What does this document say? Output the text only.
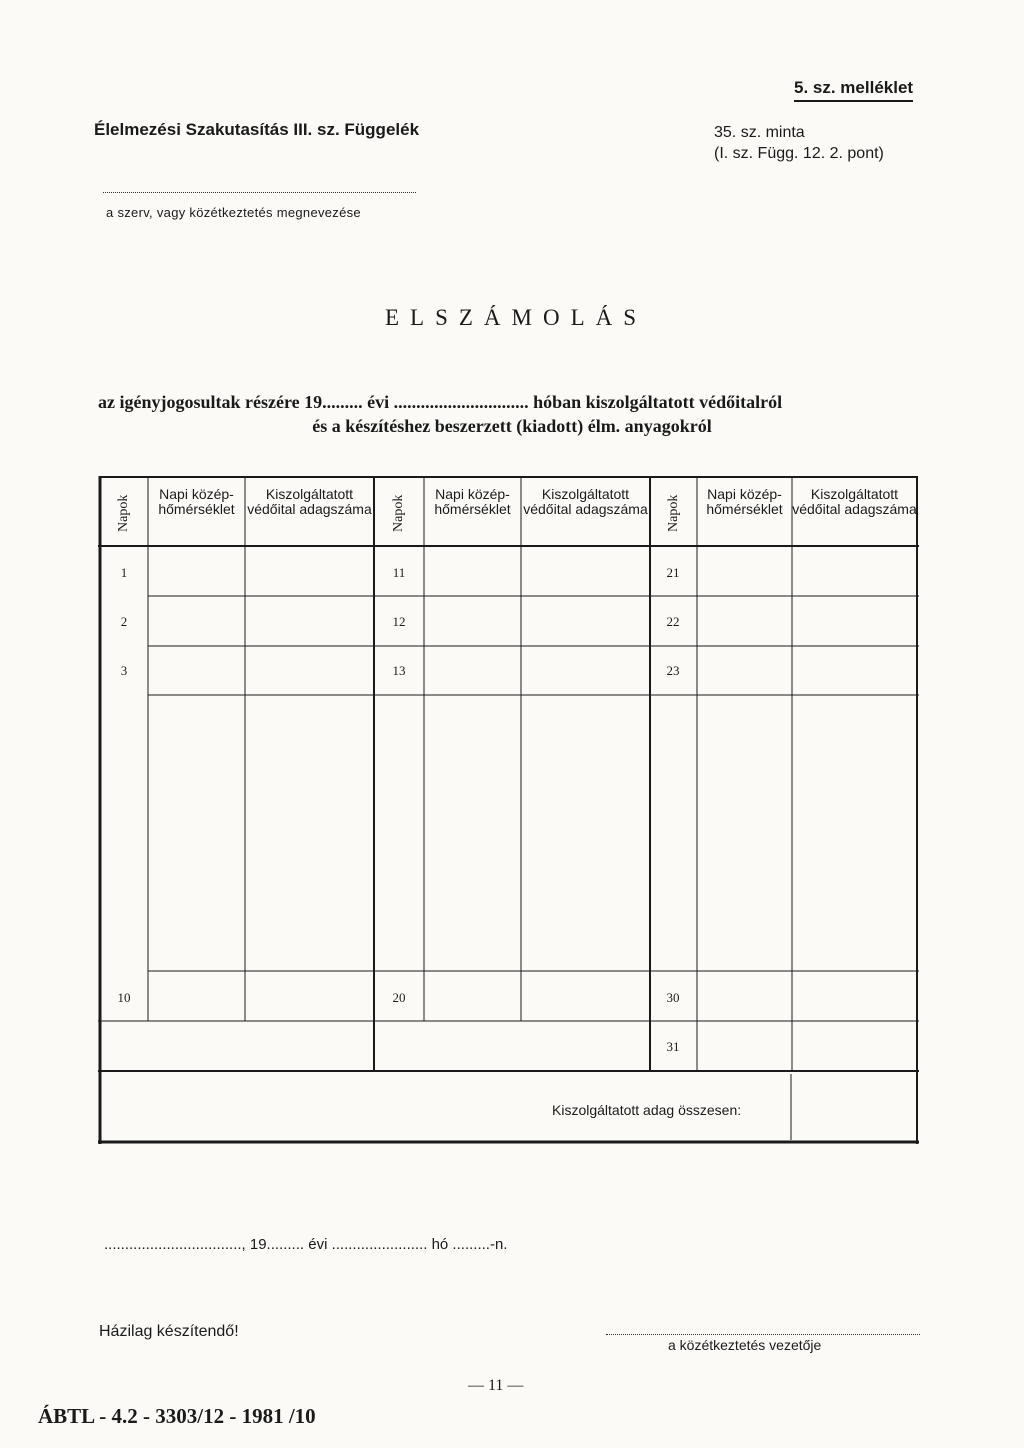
5. sz. melléklet
Élelmezési Szakutasítás III. sz. Függelék	35. sz. minta
(I. sz. Függ. 12. 2. pont)
a szerv, vagy közétkeztetés megnevezése
ELSZÁMOLÁS
az igényjogosultak részére 19......... évi .............................. hóban kiszolgáltatott védőitalról
és a készítéshez beszerzett (kiadott) élm. anyagokról
Napok
Napi közép- hőmérséklet
Kiszolgáltatott védőital adagszáma Napok
Napi közép- hőmérséklet
Kiszolgáltatott védőital adagszáma Napok
Napi közép- hőmérséklet
Kiszolgáltatott védőital adagszáma
1
2
3
10
11
12
13
20
21
22
23
30
31
Kiszolgáltatott adag összesen:
................................., 19......... évi ....................... hó .........-n.
Házilag készítendő!
a közétkeztetés vezetője
— 11 —
ÁBTL - 4.2 - 3303/12 - 1981 /10
